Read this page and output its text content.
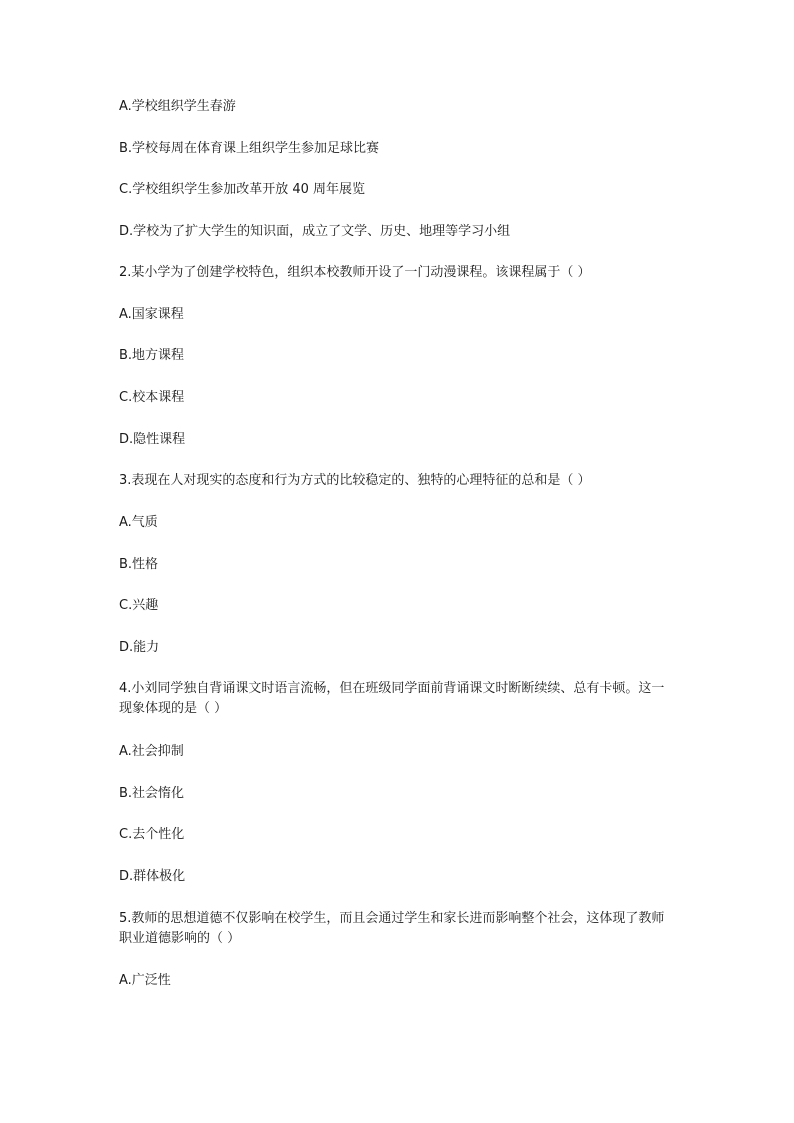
A.学校组织学生春游
B.学校每周在体育课上组织学生参加足球比赛
C.学校组织学生参加改革开放 40 周年展览
D.学校为了扩大学生的知识面，成立了文学、历史、地理等学习小组
2.某小学为了创建学校特色，组织本校教师开设了一门动漫课程。该课程属于（ ）
A.国家课程
B.地方课程
C.校本课程
D.隐性课程
3.表现在人对现实的态度和行为方式的比较稳定的、独特的心理特征的总和是（ ）
A.气质
B.性格
C.兴趣
D.能力
4.小刘同学独自背诵课文时语言流畅，但在班级同学面前背诵课文时断断续续、总有卡顿。这一现象体现的是（ ）
A.社会抑制
B.社会惰化
C.去个性化
D.群体极化
5.教师的思想道德不仅影响在校学生，而且会通过学生和家长进而影响整个社会，这体现了教师职业道德影响的（ ）
A.广泛性
